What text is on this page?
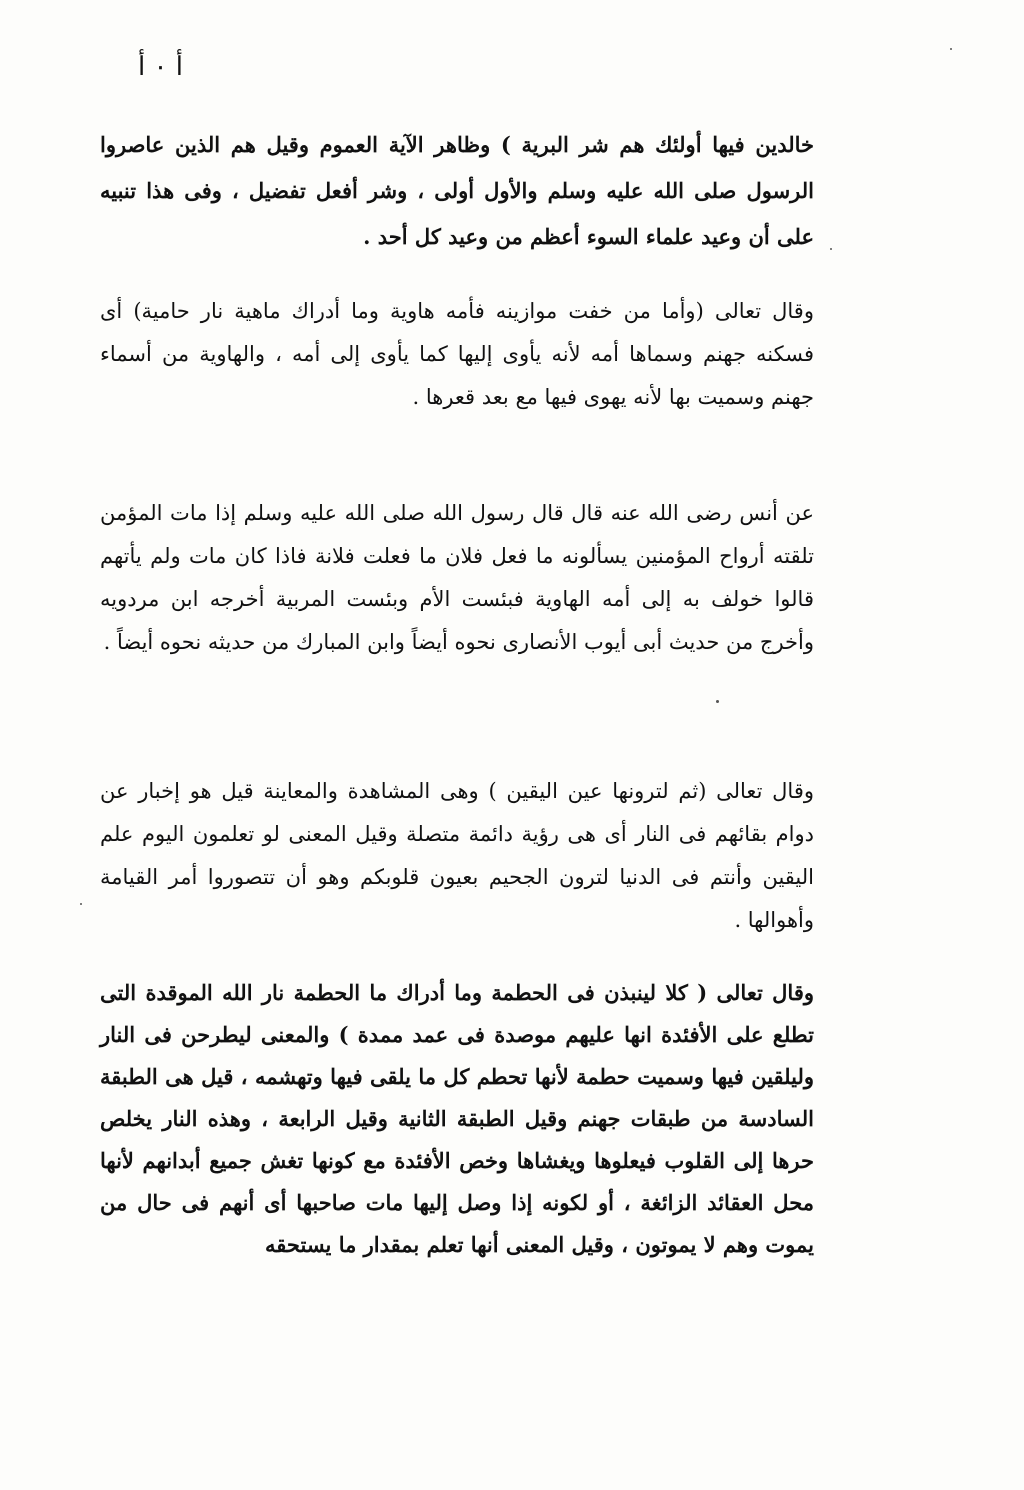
أ ٠ أ
خالدين فيها أولئك هم شر البرية ) وظاهر الآية العموم وقيل هم الذين عاصروا الرسول صلى الله عليه وسلم والأول أولى ، وشر أفعل تفضيل ، وفى هذا تنبيه على أن وعيد علماء السوء أعظم من وعيد كل أحد .
وقال تعالى (وأما من خفت موازينه فأمه هاوية وما أدراك ماهية نار حامية) أى فسكنه جهنم وسماها أمه لأنه يأوى إليها كما يأوى إلى أمه ، والهاوية من أسماء جهنم وسميت بها لأنه يهوى فيها مع بعد قعرها .
عن أنس رضى الله عنه قال قال رسول الله صلى الله عليه وسلم إذا مات المؤمن تلقته أرواح المؤمنين يسألونه ما فعل فلان ما فعلت فلانة فاذا كان مات ولم يأتهم قالوا خولف به إلى أمه الهاوية فبئست الأم وبئست المربية أخرجه ابن مردويه وأخرج من حديث أبى أيوب الأنصارى نحوه أيضاً وابن المبارك من حديثه نحوه أيضاً .
وقال تعالى (ثم لترونها عين اليقين ) وهى المشاهدة والمعاينة قيل هو إخبار عن دوام بقائهم فى النار أى هى رؤية دائمة متصلة وقيل المعنى لو تعلمون اليوم علم اليقين وأنتم فى الدنيا لترون الجحيم بعيون قلوبكم وهو أن تتصوروا أمر القيامة وأهوالها .
وقال تعالى ( كلا لينبذن فى الحطمة وما أدراك ما الحطمة نار الله الموقدة التى تطلع على الأفئدة انها عليهم موصدة فى عمد ممدة ) والمعنى ليطرحن فى النار وليلقين فيها وسميت حطمة لأنها تحطم كل ما يلقى فيها وتهشمه ، قيل هى الطبقة السادسة من طبقات جهنم وقيل الطبقة الثانية وقيل الرابعة ، وهذه النار يخلص حرها إلى القلوب فيعلوها ويغشاها وخص الأفئدة مع كونها تغش جميع أبدانهم لأنها محل العقائد الزائغة ، أو لكونه إذا وصل إليها مات صاحبها أى أنهم فى حال من يموت وهم لا يموتون ، وقيل المعنى أنها تعلم بمقدار ما يستحقه
